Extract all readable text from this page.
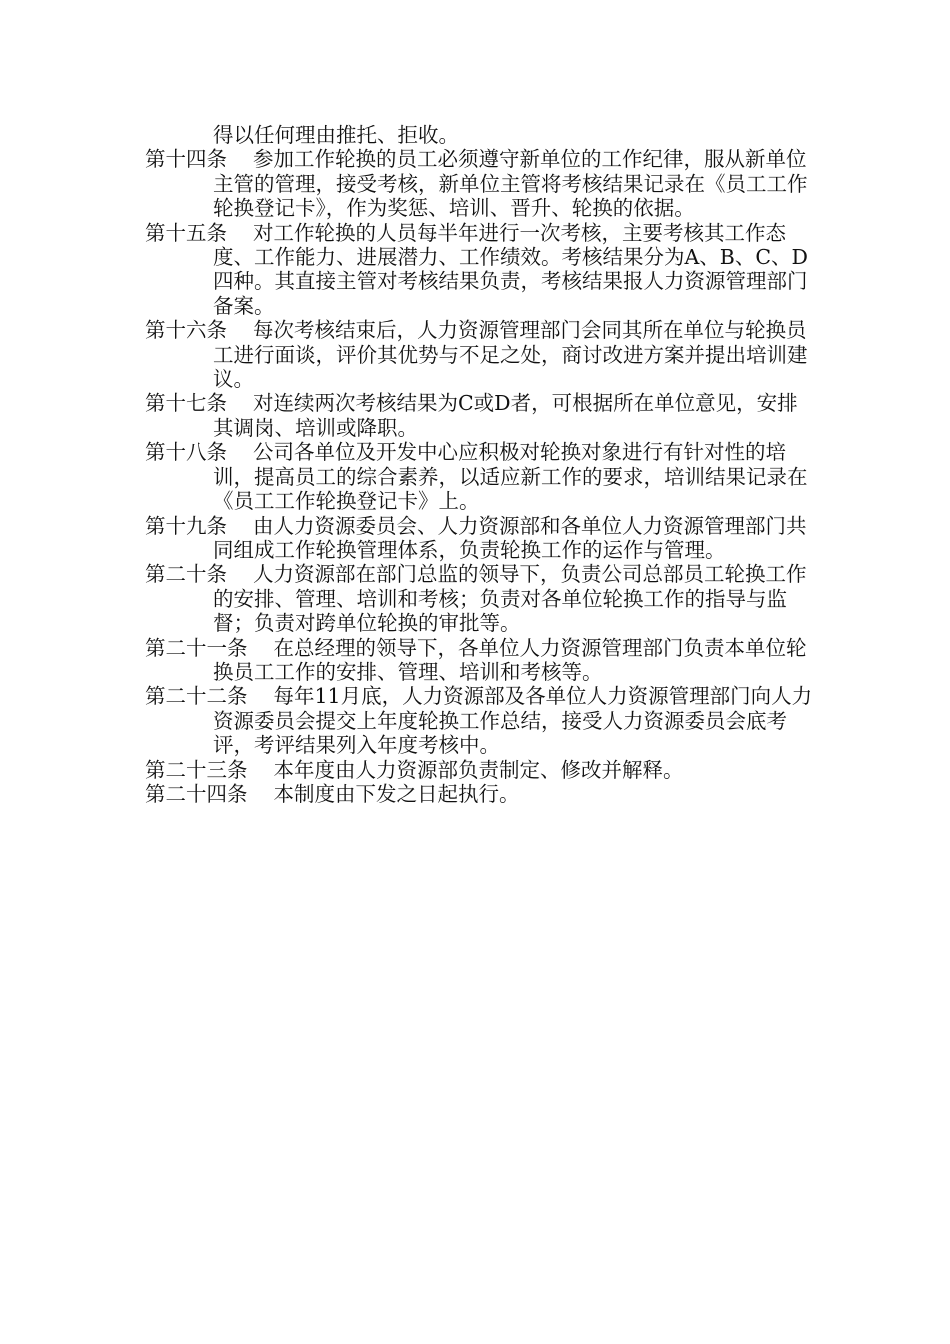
得以任何理由推托、拒收。

第十四条 参加工作轮换的员工必须遵守新单位的工作纪律，服从新单位主管的管理，接受考核，新单位主管将考核结果记录在《员工工作轮换登记卡》，作为奖惩、培训、晋升、轮换的依据。

第十五条 对工作轮换的人员每半年进行一次考核，主要考核其工作态度、工作能力、进展潜力、工作绩效。考核结果分为A、B、C、D四种。其直接主管对考核结果负责，考核结果报人力资源管理部门备案。

第十六条 每次考核结束后，人力资源管理部门会同其所在单位与轮换员工进行面谈，评价其优势与不足之处，商讨改进方案并提出培训建议。

第十七条 对连续两次考核结果为C或D者，可根据所在单位意见，安排其调岗、培训或降职。

第十八条 公司各单位及开发中心应积极对轮换对象进行有针对性的培训，提高员工的综合素养，以适应新工作的要求，培训结果记录在《员工工作轮换登记卡》上。

第十九条 由人力资源委员会、人力资源部和各单位人力资源管理部门共同组成工作轮换管理体系，负责轮换工作的运作与管理。

第二十条 人力资源部在部门总监的领导下，负责公司总部员工轮换工作的安排、管理、培训和考核；负责对各单位轮换工作的指导与监督；负责对跨单位轮换的审批等。

第二十一条 在总经理的领导下，各单位人力资源管理部门负责本单位轮换员工工作的安排、管理、培训和考核等。

第二十二条 每年11月底，人力资源部及各单位人力资源管理部门向人力资源委员会提交上年度轮换工作总结，接受人力资源委员会底考评，考评结果列入年度考核中。

第二十三条 本年度由人力资源部负责制定、修改并解释。

第二十四条 本制度由下发之日起执行。
